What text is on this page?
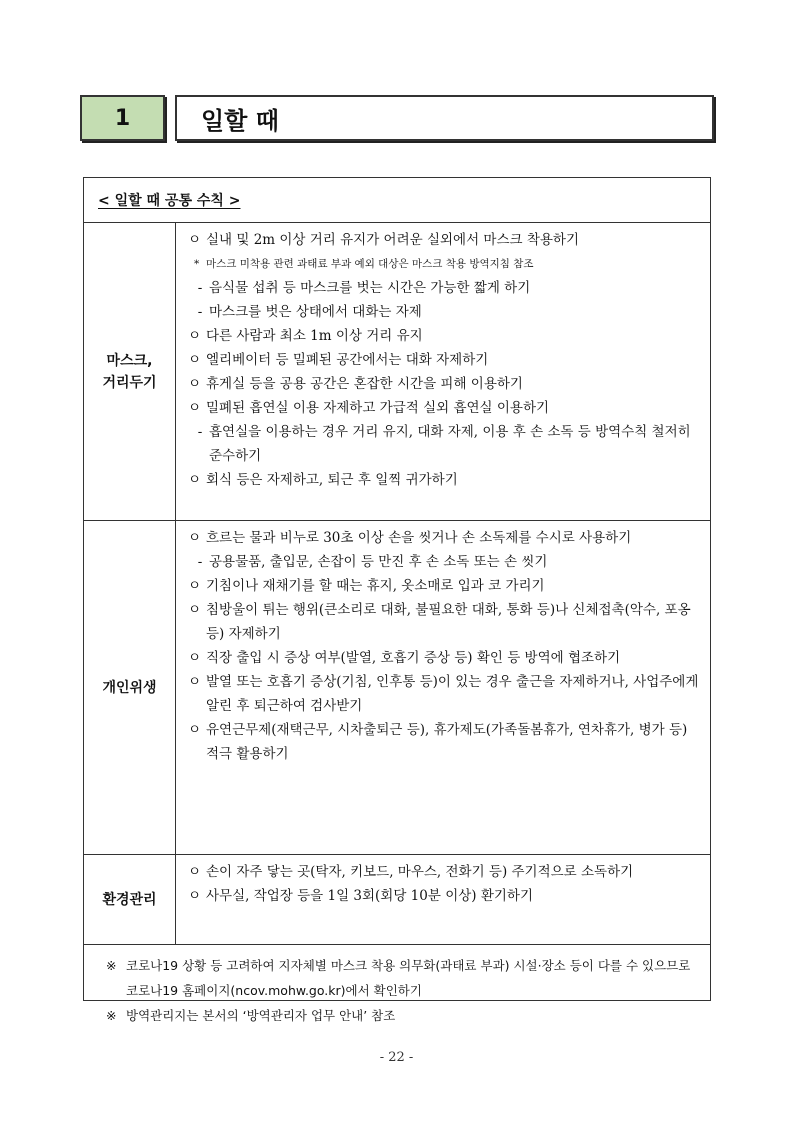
1	일할 때
< 일할 때 공통 수칙 >
마스크,
거리두기
ㅇ 실내 및 2m 이상 거리 유지가 어려운 실외에서 마스크 착용하기
* 마스크 미착용 관련 과태료 부과 예외 대상은 마스크 착용 방역지침 참조
- 음식물 섭취 등 마스크를 벗는 시간은 가능한 짧게 하기
- 마스크를 벗은 상태에서 대화는 자제
ㅇ 다른 사람과 최소 1m 이상 거리 유지
ㅇ 엘리베이터 등 밀폐된 공간에서는 대화 자제하기
ㅇ 휴게실 등을 공용 공간은 혼잡한 시간을 피해 이용하기
ㅇ 밀폐된 흡연실 이용 자제하고 가급적 실외 흡연실 이용하기
- 흡연실을 이용하는 경우 거리 유지, 대화 자제, 이용 후 손 소독 등 방역수칙 철저히 준수하기
ㅇ 회식 등은 자제하고, 퇴근 후 일찍 귀가하기
개인위생
ㅇ 흐르는 물과 비누로 30초 이상 손을 씻거나 손 소독제를 수시로 사용하기
- 공용물품, 출입문, 손잡이 등 만진 후 손 소독 또는 손 씻기
ㅇ 기침이나 재채기를 할 때는 휴지, 옷소매로 입과 코 가리기
ㅇ 침방울이 튀는 행위(큰소리로 대화, 불필요한 대화, 통화 등)나 신체접촉(악수, 포옹 등) 자제하기
ㅇ 직장 출입 시 증상 여부(발열, 호흡기 증상 등) 확인 등 방역에 협조하기
ㅇ 발열 또는 호흡기 증상(기침, 인후통 등)이 있는 경우 출근을 자제하거나, 사업주에게 알린 후 퇴근하여 검사받기
ㅇ 유연근무제(재택근무, 시차출퇴근 등), 휴가제도(가족돌봄휴가, 연차휴가, 병가 등) 적극 활용하기
환경관리
ㅇ 손이 자주 닿는 곳(탁자, 키보드, 마우스, 전화기 등) 주기적으로 소독하기
ㅇ 사무실, 작업장 등을 1일 3회(회당 10분 이상) 환기하기
※ 코로나19 상황 등 고려하여 지자체별 마스크 착용 의무화(과태료 부과) 시설·장소 등이 다를 수 있으므로 코로나19 홈페이지(ncov.mohw.go.kr)에서 확인하기
※ 방역관리지는 본서의 ‘방역관리자 업무 안내’ 참조
- 22 -
